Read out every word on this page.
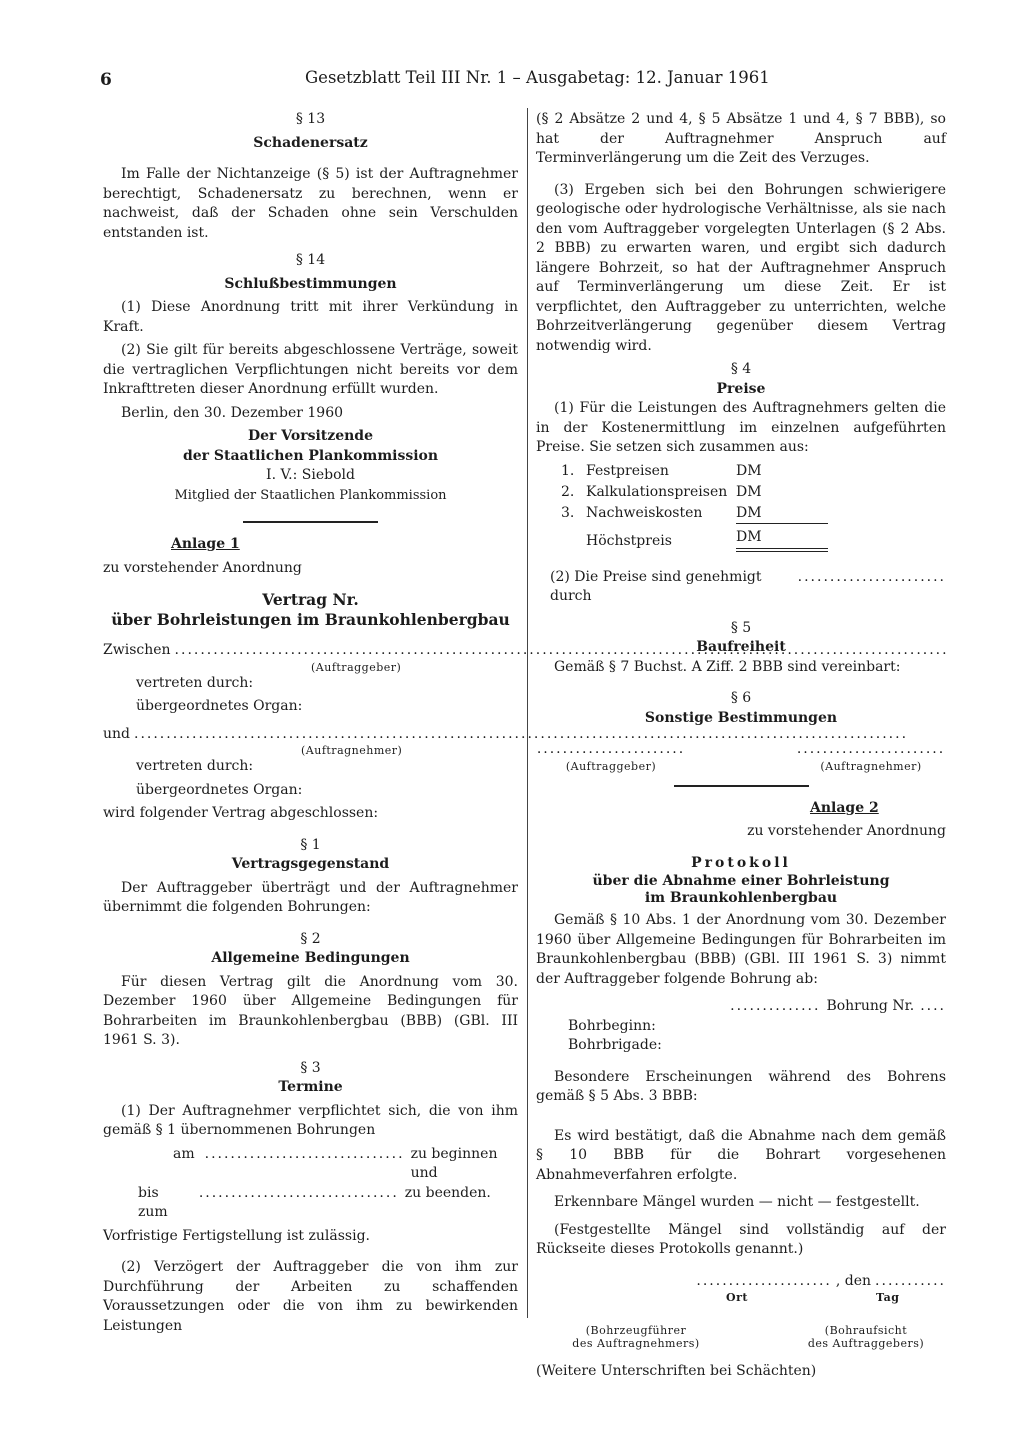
6	Gesetzblatt Teil III Nr. 1 – Ausgabetag: 12. Januar 1961

§ 13

Schadenersatz

Im Falle der Nichtanzeige (§ 5) ist der Auftragnehmer berechtigt, Schadenersatz zu berechnen, wenn er nachweist, daß der Schaden ohne sein Verschulden entstanden ist.

§ 14

Schlußbestimmungen

(1) Diese Anordnung tritt mit ihrer Verkündung in Kraft.

(2) Sie gilt für bereits abgeschlossene Verträge, soweit die vertraglichen Verpflichtungen nicht bereits vor dem Inkrafttreten dieser Anordnung erfüllt wurden.

Berlin, den 30. Dezember 1960

Der Vorsitzende

der Staatlichen Plankommission

I. V.: Siebold

Mitglied der Staatlichen Plankommission

Anlage 1

zu vorstehender Anordnung

Vertrag Nr.

über Bohrleistungen im Braunkohlenbergbau

Zwischen
.....

(Auftraggeber)

vertreten durch:

übergeordnetes Organ:

und
.....

(Auftragnehmer)

vertreten durch:

übergeordnetes Organ:

wird folgender Vertrag abgeschlossen:

§ 1

Vertragsgegenstand

Der Auftraggeber überträgt und der Auftragnehmer übernimmt die folgenden Bohrungen:

§ 2

Allgemeine Bedingungen

Für diesen Vertrag gilt die Anordnung vom 30. Dezember 1960 über Allgemeine Bedingungen für Bohrarbeiten im Braunkohlenbergbau (BBB) (GBl. III 1961 S. 3).

§ 3

Termine

(1) Der Auftragnehmer verpflichtet sich, die von ihm gemäß § 1 übernommenen Bohrungen

am ............................... zu beginnen und
bis zum
............................... zu beenden.

Vorfristige Fertigstellung ist zulässig.

(2) Verzögert der Auftraggeber die von ihm zur Durchführung der Arbeiten zu schaffenden Voraussetzungen oder die von ihm zu bewirkenden Leistungen

(§ 2 Absätze 2 und 4, § 5 Absätze 1 und 4, § 7 BBB), so hat der Auftragnehmer Anspruch auf Terminverlängerung um die Zeit des Verzuges.

(3) Ergeben sich bei den Bohrungen schwierigere geologische oder hydrologische Verhältnisse, als sie nach den vom Auftraggeber vorgelegten Unterlagen (§ 2 Abs. 2 BBB) zu erwarten waren, und ergibt sich dadurch längere Bohrzeit, so hat der Auftragnehmer Anspruch auf Terminverlängerung um diese Zeit. Er ist verpflichtet, den Auftraggeber zu unterrichten, welche Bohrzeitverlängerung gegenüber diesem Vertrag notwendig wird.

§ 4

Preise

(1) Für die Leistungen des Auftragnehmers gelten die in der Kostenermittlung im einzelnen aufgeführten Preise. Sie setzen sich zusammen aus:

1. Festpreisen	DM
2. Kalkulationspreisen DM
3. Nachweiskosten	DM
Höchstpreis	DM
(2) Die Preise sind genehmigt durch
.......................

§ 5

Baufreiheit

Gemäß § 7 Buchst. A Ziff. 2 BBB sind vereinbart:

§ 6

Sonstige Bestimmungen

.......................
(Auftraggeber)
.......................
(Auftragnehmer)

Anlage 2

zu vorstehender Anordnung

Protokoll

über die Abnahme einer Bohrleistung

im Braunkohlenbergbau

Gemäß § 10 Abs. 1 der Anordnung vom 30. Dezember 1960 über Allgemeine Bedingungen für Bohrarbeiten im Braunkohlenbergbau (BBB) (GBl. III 1961 S. 3) nimmt der Auftraggeber folgende Bohrung ab:

.............. Bohrung Nr. ....

Bohrbeginn:

Bohrbrigade:

Besondere Erscheinungen während des Bohrens gemäß § 5 Abs. 3 BBB:

Es wird bestätigt, daß die Abnahme nach dem gemäß § 10 BBB für die Bohrart vorgesehenen Abnahmeverfahren erfolgte.

Erkennbare Mängel wurden — nicht — festgestellt.

(Festgestellte Mängel sind vollständig auf der Rückseite dieses Protokolls genannt.)

..................... , den ...........
Ort	Tag
(Bohrzeugführer
des Auftragnehmers)
(Bohraufsicht
des Auftraggebers)

(Weitere Unterschriften bei Schächten)
